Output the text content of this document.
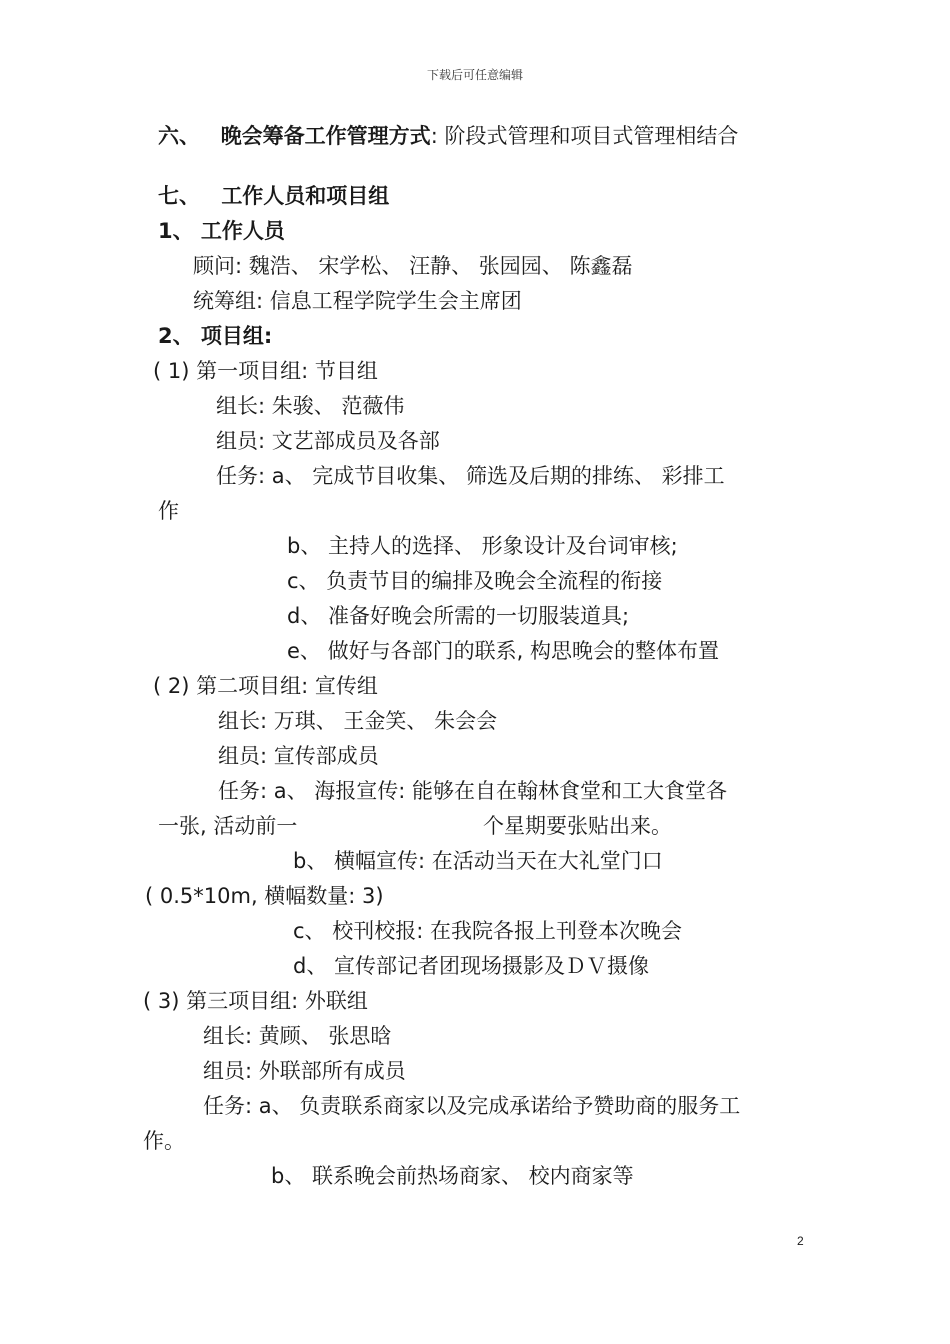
下载后可任意编辑
六、 晚会筹备工作管理方式: 阶段式管理和项目式管理相结合
七、 工作人员和项目组
1、 工作人员
顾问: 魏浩、 宋学松、 汪静、 张园园、 陈鑫磊
统筹组: 信息工程学院学生会主席团
2、 项目组:
( 1) 第一项目组: 节目组
组长: 朱骏、 范薇伟
组员: 文艺部成员及各部
任务: a、 完成节目收集、 筛选及后期的排练、 彩排工
作
b、 主持人的选择、 形象设计及台词审核;
c、 负责节目的编排及晚会全流程的衔接
d、 准备好晚会所需的一切服装道具;
e、 做好与各部门的联系, 构思晚会的整体布置
( 2) 第二项目组: 宣传组
组长: 万琪、 王金笑、 朱会会
组员: 宣传部成员
任务: a、 海报宣传: 能够在自在翰林食堂和工大食堂各
一张, 活动前一	个星期要张贴出来。
b、 横幅宣传: 在活动当天在大礼堂门口
( 0.5*10m, 横幅数量: 3)
c、 校刊校报: 在我院各报上刊登本次晚会
d、 宣传部记者团现场摄影及ＤＶ摄像
( 3) 第三项目组: 外联组
组长: 黄顾、 张思晗
组员: 外联部所有成员
任务: a、 负责联系商家以及完成承诺给予赞助商的服务工
作。
b、 联系晚会前热场商家、 校内商家等
2
